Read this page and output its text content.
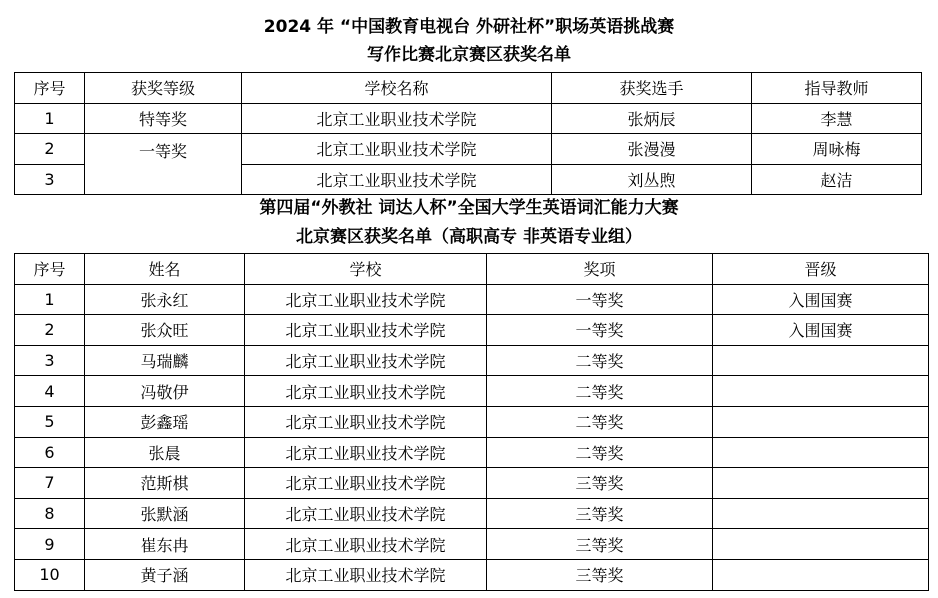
2024 年 “中国教育电视台 外研社杯”职场英语挑战赛
写作比赛北京赛区获奖名单
序号	获奖等级	学校名称	获奖选手	指导教师
1	特等奖	北京工业职业技术学院	张炳辰	李慧
2	一等奖	北京工业职业技术学院	张漫漫	周咏梅
3		北京工业职业技术学院	刘丛煦	赵洁
第四届“外教社 词达人杯”全国大学生英语词汇能力大赛
北京赛区获奖名单（高职高专 非英语专业组）
序号	姓名	学校	奖项	晋级
1	张永红	北京工业职业技术学院	一等奖	入围国赛
2	张众旺	北京工业职业技术学院	一等奖	入围国赛
3	马瑞麟	北京工业职业技术学院	二等奖	
4	冯敬伊	北京工业职业技术学院	二等奖	
5	彭鑫瑶	北京工业职业技术学院	二等奖	
6	张晨	北京工业职业技术学院	二等奖	
7	范斯棋	北京工业职业技术学院	三等奖	
8	张默涵	北京工业职业技术学院	三等奖	
9	崔东冉	北京工业职业技术学院	三等奖	
10	黄子涵	北京工业职业技术学院	三等奖	
